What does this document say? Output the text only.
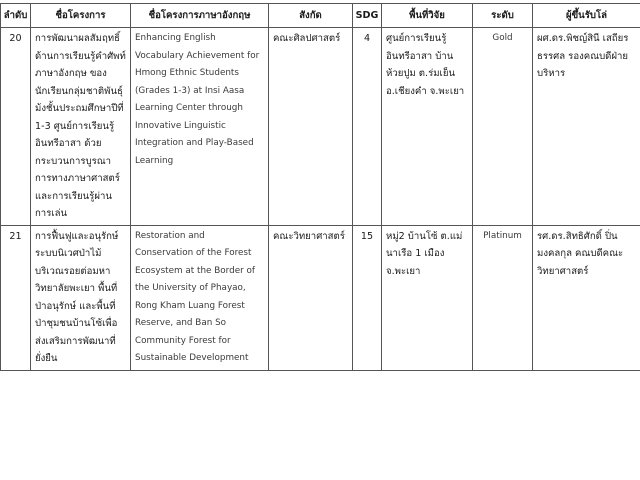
ลำดับ	ชื่อโครงการ	ชื่อโครงการภาษาอังกฤษ	สังกัด	SDG	พื้นที่วิจัย	ระดับ	ผู้ขึ้นรับโล่
20	การพัฒนาผลสัมฤทธิ์ด้านการเรียนรู้คำศัพท์ภาษาอังกฤษ ของนักเรียนกลุ่มชาติพันธุ์ม้งชั้นประถมศึกษาปีที่ 1-3 ศูนย์การเรียนรู้อินทรีอาสา ด้วยกระบวนการบูรณาการทางภาษาศาสตร์และการเรียนรู้ผ่านการเล่น	Enhancing English Vocabulary Achievement for Hmong Ethnic Students (Grades 1-3) at Insi Aasa Learning Center through Innovative Linguistic Integration and Play-Based Learning	คณะศิลปศาสตร์	4	ศูนย์การเรียนรู้อินทรีอาสา บ้านห้วยปูม ต.ร่มเย็น อ.เชียงคำ จ.พะเยา	Gold	ผศ.ดร.พิชญ์สินี เสถียรธรรศล รองคณบดีฝ่ายบริหาร
21	การฟื้นฟูและอนุรักษ์ระบบนิเวศป่าไม้บริเวณรอยต่อมหาวิทยาลัยพะเยา พื้นที่ป่าอนุรักษ์ และพื้นที่ป่าชุมชนบ้านโซ้เพื่อส่งเสริมการพัฒนาที่ยั่งยืน	Restoration and Conservation of the Forest Ecosystem at the Border of the University of Phayao, Rong Kham Luang Forest Reserve, and Ban So Community Forest for Sustainable Development	คณะวิทยาศาสตร์	15	หมู่2 บ้านโซ้ ต.แม่นาเรือ 1 เมือง จ.พะเยา	Platinum	รศ.ดร.สิทธิศักดิ์ ปิ่นมงคลกุล คณบดีคณะวิทยาศาสตร์
